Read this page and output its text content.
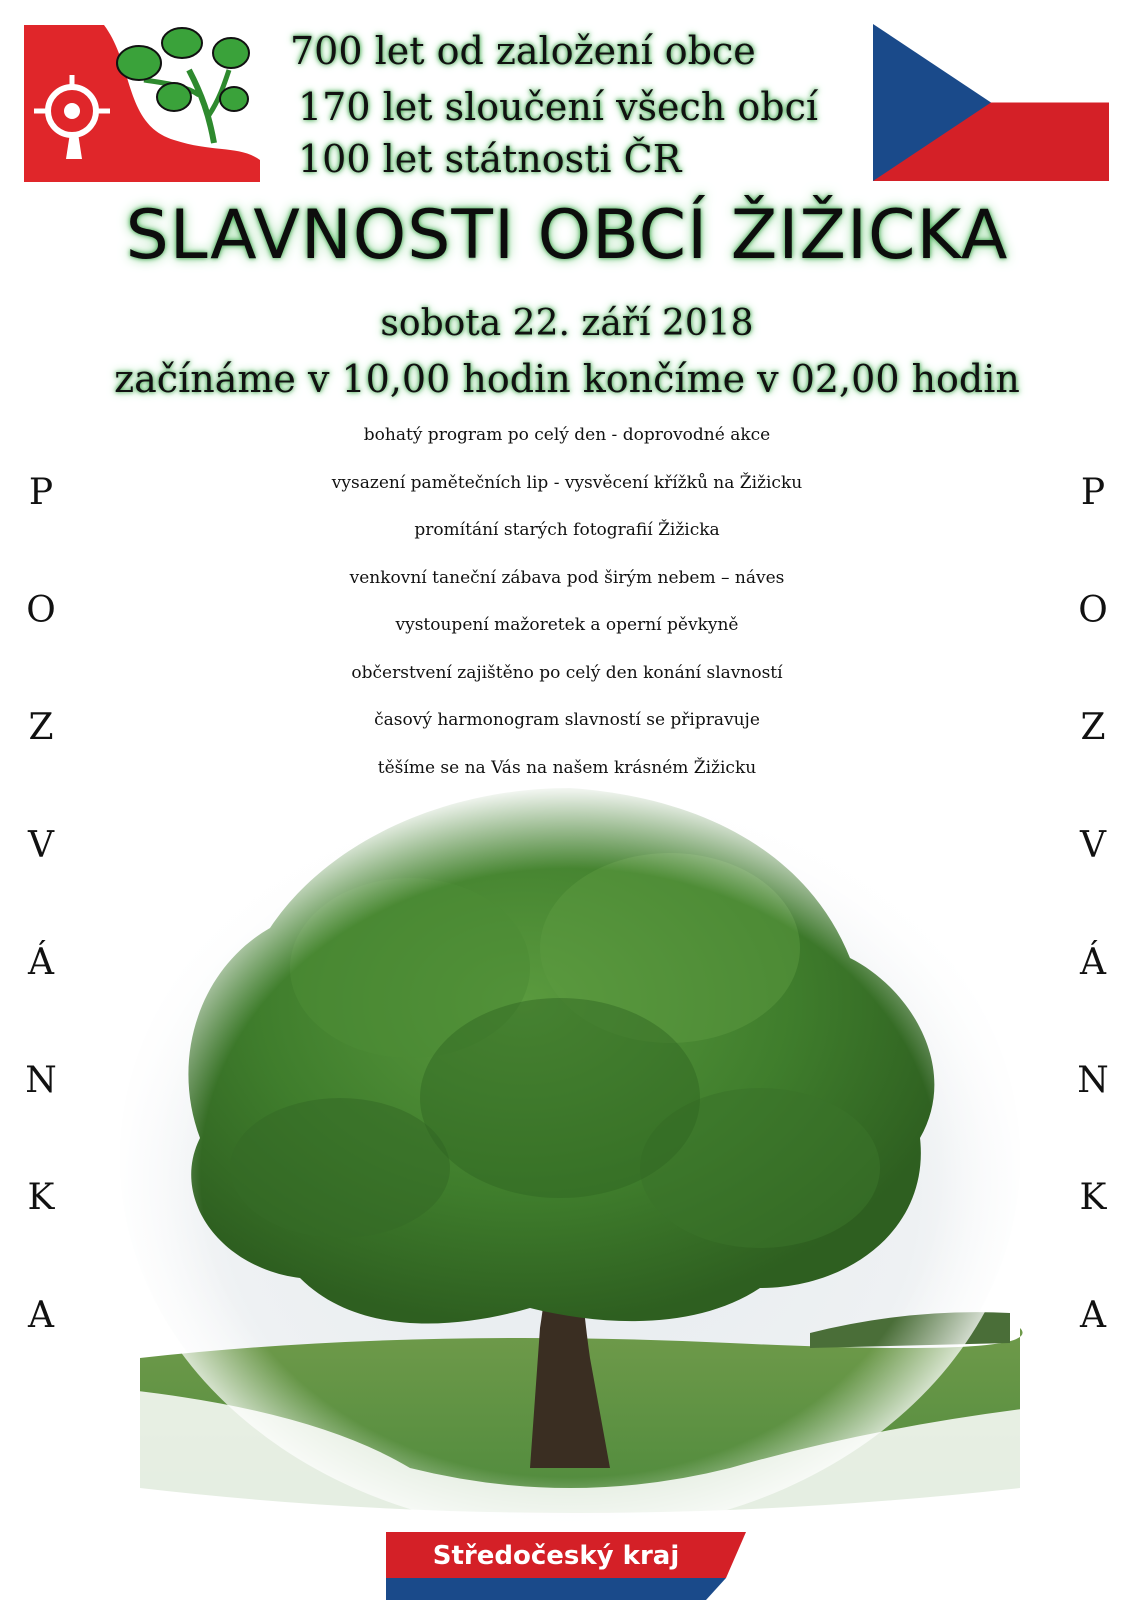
700 let od založení obce
170 let sloučení všech obcí
100 let státnosti ČR
SLAVNOSTI OBCÍ ŽIŽICKA
sobota 22. září 2018
začínáme v 10,00 hodin končíme v 02,00 hodin
bohatý program po celý den - doprovodné akce
vysazení pamětečních lip - vysvěcení křížků na Žižicku
promítání starých fotografií Žižicka
venkovní taneční zábava pod širým nebem – náves
vystoupení mažoretek a operní pěvkyně
občerstvení zajištěno po celý den konání slavností
časový harmonogram slavností se připravuje
těšíme se na Vás na našem krásném Žižicku
P
O
Z
V
Á
N
K
A
P
O
Z
V
Á
N
K
A
Středočeský kraj
